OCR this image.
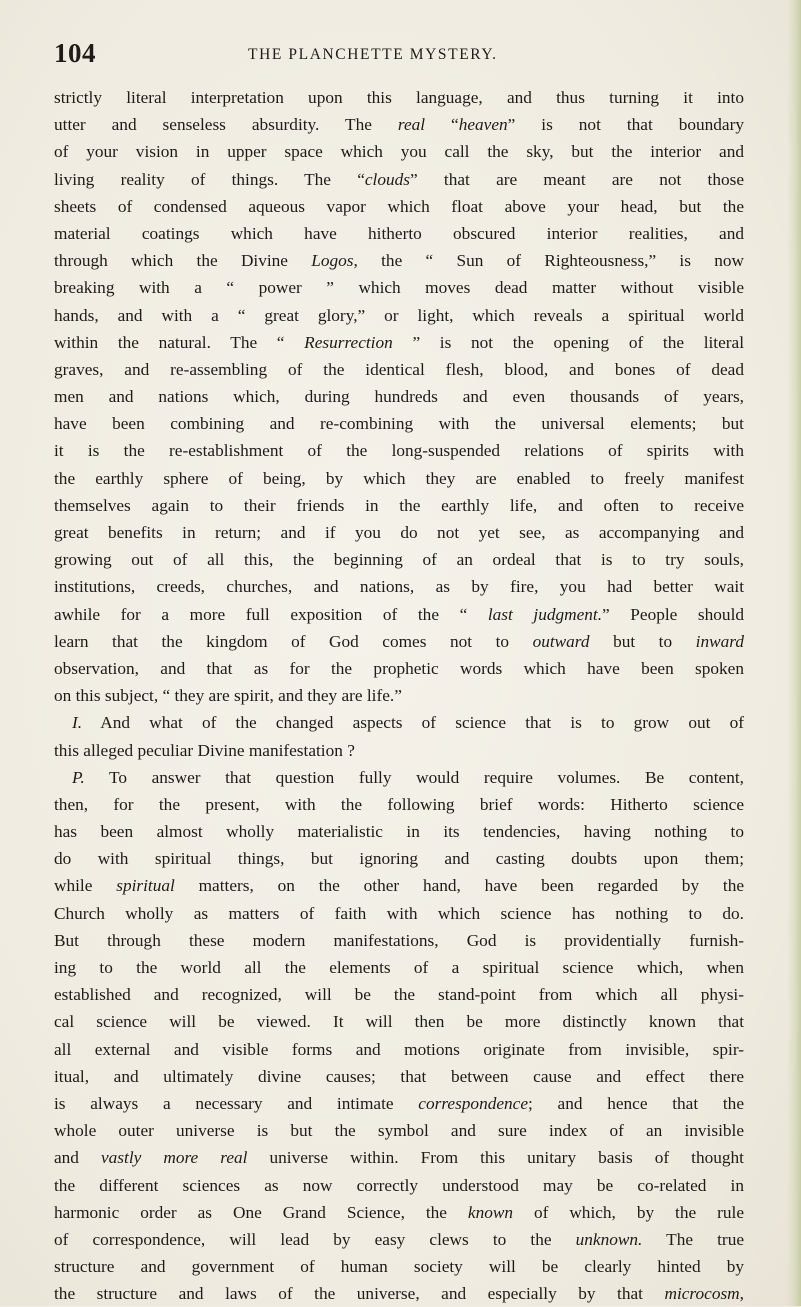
104	THE PLANCHETTE MYSTERY.
strictly literal interpretation upon this language, and thus turning it into
utter and senseless absurdity. The real “heaven” is not that boundary
of your vision in upper space which you call the sky, but the interior and
living reality of things. The “clouds” that are meant are not those
sheets of condensed aqueous vapor which float above your head, but the
material coatings which have hitherto obscured interior realities, and
through which the Divine Logos, the “ Sun of Righteousness,” is now
breaking with a “ power ” which moves dead matter without visible
hands, and with a “ great glory,” or light, which reveals a spiritual world
within the natural. The “ Resurrection ” is not the opening of the literal
graves, and re-assembling of the identical flesh, blood, and bones of dead
men and nations which, during hundreds and even thousands of years,
have been combining and re-combining with the universal elements; but
it is the re-establishment of the long-suspended relations of spirits with
the earthly sphere of being, by which they are enabled to freely manifest
themselves again to their friends in the earthly life, and often to receive
great benefits in return; and if you do not yet see, as accompanying and
growing out of all this, the beginning of an ordeal that is to try souls,
institutions, creeds, churches, and nations, as by fire, you had better wait
awhile for a more full exposition of the “ last judgment.” People should
learn that the kingdom of God comes not to outward but to inward
observation, and that as for the prophetic words which have been spoken
on this subject, “ they are spirit, and they are life.”
I. And what of the changed aspects of science that is to grow out of
this alleged peculiar Divine manifestation ?
P. To answer that question fully would require volumes. Be content,
then, for the present, with the following brief words: Hitherto science
has been almost wholly materialistic in its tendencies, having nothing to
do with spiritual things, but ignoring and casting doubts upon them;
while spiritual matters, on the other hand, have been regarded by the
Church wholly as matters of faith with which science has nothing to do.
But through these modern manifestations, God is providentially furnish-
ing to the world all the elements of a spiritual science which, when
established and recognized, will be the stand-point from which all physi-
cal science will be viewed. It will then be more distinctly known that
all external and visible forms and motions originate from invisible, spir-
itual, and ultimately divine causes; that between cause and effect there
is always a necessary and intimate correspondence; and hence that the
whole outer universe is but the symbol and sure index of an invisible
and vastly more real universe within. From this unitary basis of thought
the different sciences as now correctly understood may be co-related in
harmonic order as One Grand Science, the known of which, by the rule
of correspondence, will lead by easy clews to the unknown. The true
structure and government of human society will be clearly hinted by
the structure and laws of the universe, and especially by that microcosm,
